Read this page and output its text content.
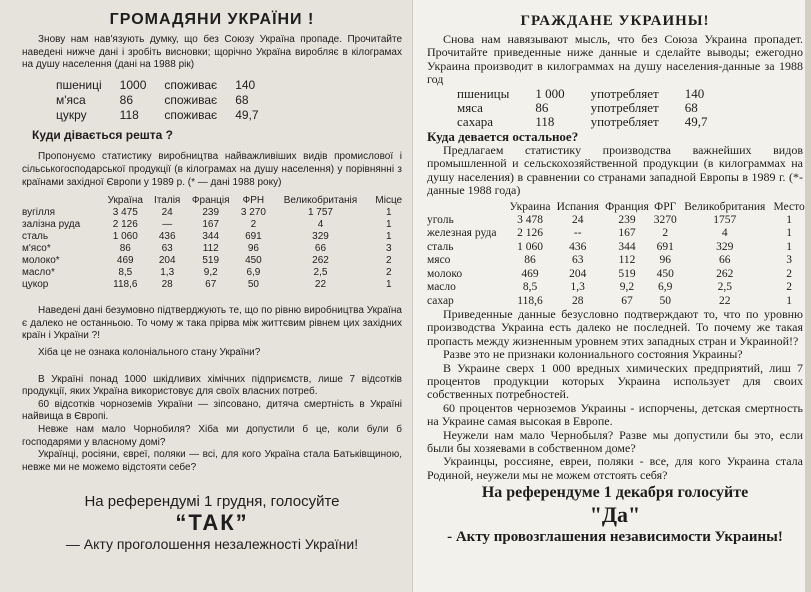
ГРОМАДЯНИ УКРАЇНИ !

Знову нам нав'язують думку, що без Союзу Україна пропаде. Прочитайте наведені нижче дані і зробіть висновки; щорічно Україна виробляє в кілограмах на душу населення (дані на 1988 рік)

пшениці	1000	споживає	140
м'яса	86	споживає	68
цукру	118	споживає	49,7
Куди дівається решта ?

Пропонуємо статистику виробництва найважливіших видів промислової і сільськогосподарської продукції (в кілограмах на душу населення) у порівнянні з країнами західної Європи у 1989 р. (* — дані 1988 року)

	Україна	Італія	Франція	ФРН	Великобританія	Місце
вугілля	3 475	24	239	3 270	1 757	1
залізна руда	2 126	—	167	2	4	1
сталь	1 060	436	344	691	329	1
м'ясо*	86	63	112	96	66	3
молоко*	469	204	519	450	262	2
масло*	8,5	1,3	9,2	6,9	2,5	2
цукор	118,6	28	67	50	22	1

Наведені дані безумовно підтверджують те, що по рівню виробництва Україна є далеко не останньою. То чому ж така прірва між життєвим рівнем цих західних країн і України ?!

Хіба це не ознака колоніального стану України?

В Україні понад 1000 шкідливих хімічних підприємств, лише 7 відсотків продукції, яких Україна використовує для своїх власних потреб.

60 відсотків чорноземів України — зіпсовано, дитяча смертність в Україні найвища в Європі.

Невже нам мало Чорнобиля? Хіба ми допустили б це, коли були б господарями у власному домі?

Українці, росіяни, євреї, поляки — всі, для кого Україна стала Батьківщиною, невже ми не можемо відстояти себе?

На референдумі 1 грудня, голосуйте
“ТАК”
— Акту проголошення незалежності України!
ГРАЖДАНЕ УКРАИНЫ!

Снова нам навязывают мысль, что без Союза Украина пропадет. Прочитайте приведенные ниже данные и сделайте выводы; ежегодно Украина производит в килограммах на душу населения-данные за 1988 год

пшеницы	1 000	употребляет	140
мяса	86	употребляет	68
сахара	118	употребляет	49,7
Куда девается остальное?

Предлагаем статистику производства важнейших видов промышленной и сельскохозяйственной продукции (в килограммах на душу населения) в сравнении со странами западной Европы в 1989 г. (*-данные 1988 года)

	Украина	Испания	Франция	ФРГ	Великобритания	Место
уголь	3 478	24	239	3270	1757	1
железная руда	2 126	--	167	2	4	1
сталь	1 060	436	344	691	329	1
мясо	86	63	112	96	66	3
молоко	469	204	519	450	262	2
масло	8,5	1,3	9,2	6,9	2,5	2
сахар	118,6	28	67	50	22	1

Приведенные данные безусловно подтверждают то, что по уровню производства Украина есть далеко не последней. То почему же такая пропасть между жизненным уровнем этих западных стран и Украиной!?

Разве это не признаки колониального состояния Украины?

В Украине сверх 1 000 вредных химических предприятий, лиш 7 процентов продукции которых Украина использует для своих собственных потребностей.

60 процентов черноземов Украины - испорчены, детская смертность на Украине самая высокая в Европе.

Неужели нам мало Чернобыля? Разве мы допустили бы это, если были бы хозяевами в собственном доме?

Украинцы, россияне, евреи, поляки - все, для кого Украина стала Родиной, неужели мы не можем отстоять себя?

На референдуме 1 декабря голосуйте
"Да"
- Акту провозглашения независимости Украины!
